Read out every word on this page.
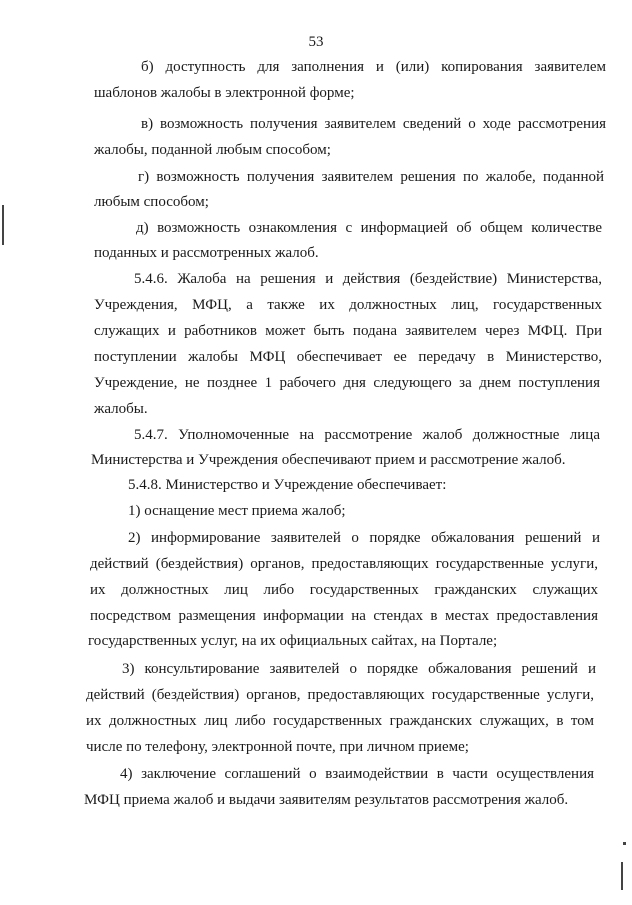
53
б) доступность для заполнения и (или) копирования заявителем
шаблонов жалобы в электронной форме;
в) возможность получения заявителем сведений о ходе рассмотрения
жалобы, поданной любым способом;
г) возможность получения заявителем решения по жалобе, поданной
любым способом;
д) возможность ознакомления с информацией об общем количестве
поданных и рассмотренных жалоб.
5.4.6. Жалоба на решения и действия (бездействие) Министерства,
Учреждения, МФЦ, а также их должностных лиц, государственных
служащих и работников может быть подана заявителем через МФЦ. При
поступлении жалобы МФЦ обеспечивает ее передачу в Министерство,
Учреждение, не позднее 1 рабочего дня следующего за днем поступления
жалобы.
5.4.7. Уполномоченные на рассмотрение жалоб должностные лица
Министерства и Учреждения обеспечивают прием и рассмотрение жалоб.
5.4.8. Министерство и Учреждение обеспечивает:
1) оснащение мест приема жалоб;
2) информирование заявителей о порядке обжалования решений и
действий (бездействия) органов, предоставляющих государственные услуги,
их должностных лиц либо государственных гражданских служащих
посредством размещения информации на стендах в местах предоставления
государственных услуг, на их официальных сайтах, на Портале;
3) консультирование заявителей о порядке обжалования решений и
действий (бездействия) органов, предоставляющих государственные услуги,
их должностных лиц либо государственных гражданских служащих, в том
числе по телефону, электронной почте, при личном приеме;
4) заключение соглашений о взаимодействии в части осуществления
МФЦ приема жалоб и выдачи заявителям результатов рассмотрения жалоб.
